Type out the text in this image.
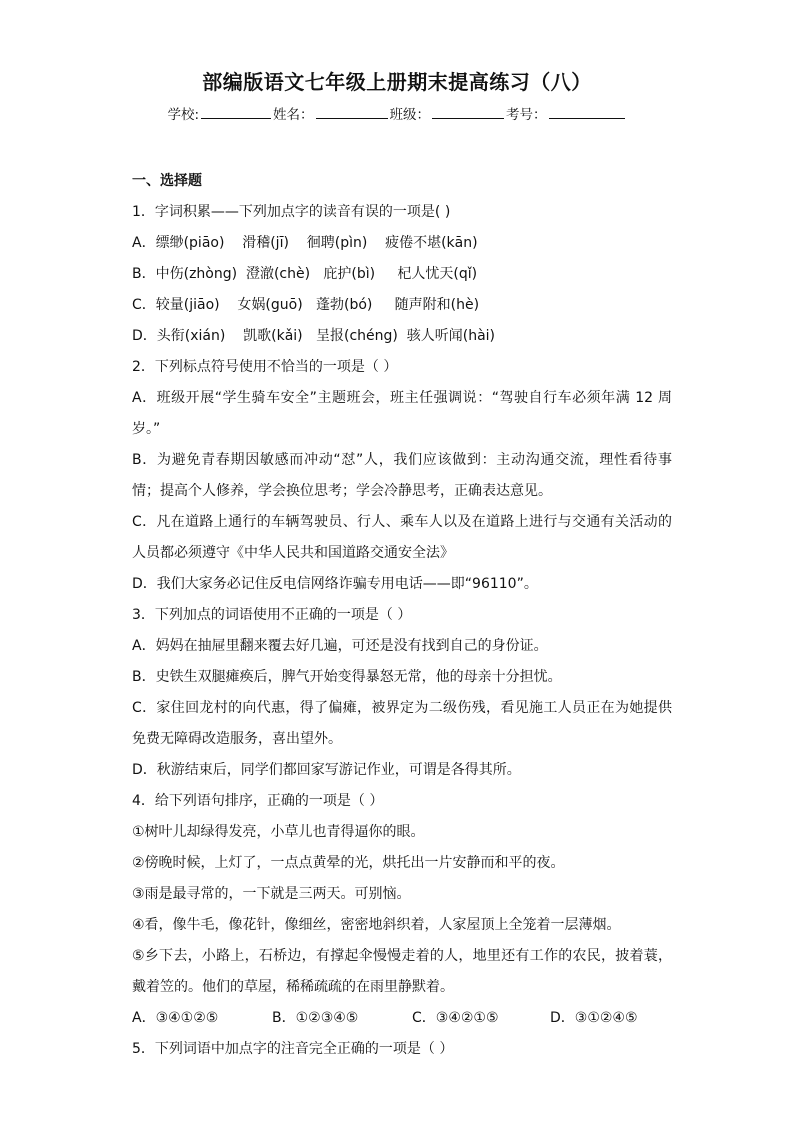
部编版语文七年级上册期末提高练习（八）
学校:	姓名：	班级：	考号：
一、选择题
1．字词积累——下列加点字的读音有误的一项是( )
A．缥缈(piāo)    滑稽(jī)    徊聘(pìn)    疲倦不堪(kān)
B．中伤(zhòng)  澄澈(chè)   庇护(bì)     杞人忧天(qǐ)
C．较量(jiāo)    女娲(guō)   蓬勃(bó)     随声附和(hè)
D．头衔(xián)    凯歌(kǎi)   呈报(chéng)  骇人听闻(hài)
2．下列标点符号使用不恰当的一项是（ ）
A．班级开展“学生骑车安全”主题班会，班主任强调说：“驾驶自行车必须年满 12 周岁。”
B．为避免青春期因敏感而冲动“怼”人，我们应该做到：主动沟通交流，理性看待事情；提高个人修养，学会换位思考；学会冷静思考，正确表达意见。
C．凡在道路上通行的车辆驾驶员、行人、乘车人以及在道路上进行与交通有关活动的人员都必须遵守《中华人民共和国道路交通安全法》
D．我们大家务必记住反电信网络诈骗专用电话——即“96110”。
3．下列加点的词语使用不正确的一项是（ ）
A．妈妈在抽屉里翻来覆去好几遍，可还是没有找到自己的身份证。
B．史铁生双腿瘫痪后，脾气开始变得暴怒无常，他的母亲十分担忧。
C．家住回龙村的向代惠，得了偏瘫，被界定为二级伤残，看见施工人员正在为她提供免费无障碍改造服务，喜出望外。
D．秋游结束后，同学们都回家写游记作业，可谓是各得其所。
4．给下列语句排序，正确的一项是（ ）
①树叶儿却绿得发亮，小草儿也青得逼你的眼。
②傍晚时候，上灯了，一点点黄晕的光，烘托出一片安静而和平的夜。
③雨是最寻常的，一下就是三两天。可别恼。
④看，像牛毛，像花针，像细丝，密密地斜织着，人家屋顶上全笼着一层薄烟。
⑤乡下去，小路上，石桥边，有撑起伞慢慢走着的人，地里还有工作的农民，披着蓑，戴着笠的。他们的草屋，稀稀疏疏的在雨里静默着。
A．③④①②⑤	B．①②③④⑤	C．③④②①⑤	D．③①②④⑤
5．下列词语中加点字的注音完全正确的一项是（ ）
